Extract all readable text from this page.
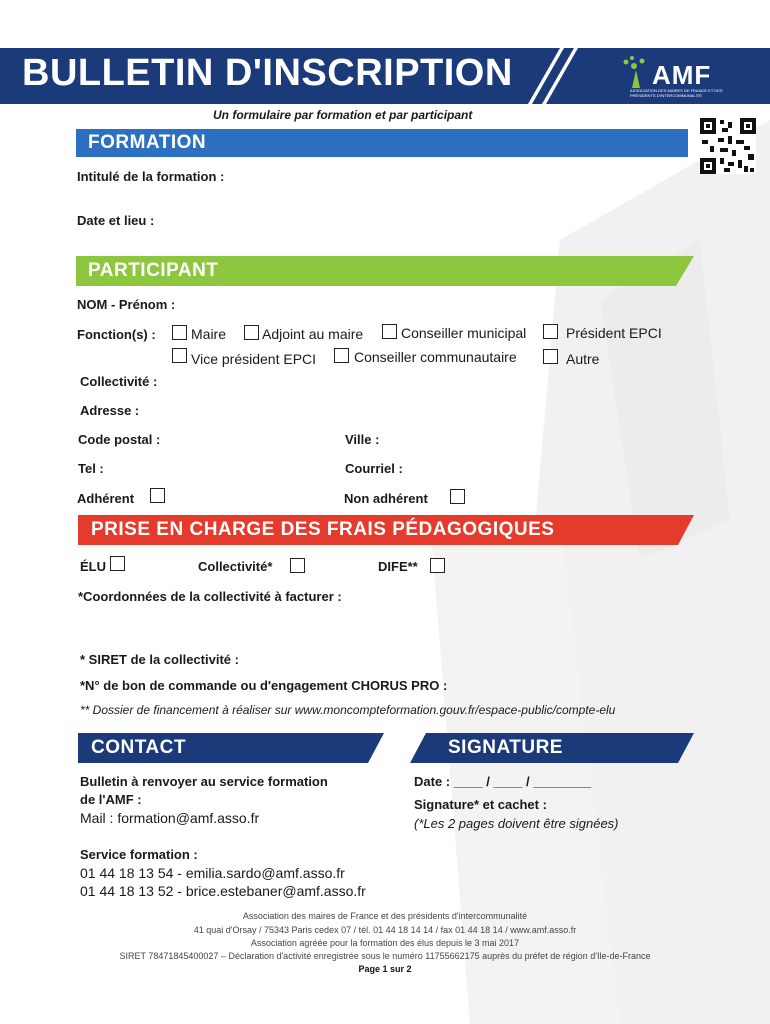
BULLETIN D'INSCRIPTION	AMF
ASSOCIATION DES MAIRES DE FRANCE ET DES PRÉSIDENTS D'INTERCOMMUNALITÉ
Un formulaire par formation et par participant
FORMATION
Intitulé de la formation :
Date et lieu :
PARTICIPANT
NOM - Prénom :
Fonction(s) :	Maire	Adjoint au maire	Conseiller municipal	Président EPCI
Vice président EPCI	Conseiller communautaire	Autre
Collectivité :
Adresse :
Code postal :	Ville :
Tel :	Courriel :
Adhérent	Non adhérent
PRISE EN CHARGE DES FRAIS PÉDAGOGIQUES
ÉLU	Collectivité*	DIFE**
*Coordonnées de la collectivité à facturer :
* SIRET de la collectivité :
*N° de bon de commande ou d'engagement CHORUS PRO :
** Dossier de financement à réaliser sur www.moncompteformation.gouv.fr/espace-public/compte-elu
CONTACT	SIGNATURE
Bulletin à renvoyer au service formation
de l'AMF :
Mail : formation@amf.asso.fr
Date : ____ / ____ / ________
Signature* et cachet :
(*Les 2 pages doivent être signées)
Service formation :
01 44 18 13 54 - emilia.sardo@amf.asso.fr
01 44 18 13 52 - brice.estebaner@amf.asso.fr
Association des maires de France et des présidents d'intercommunalité
41 quai d'Orsay / 75343 Paris cedex 07 / tél. 01 44 18 14 14 / fax 01 44 18 14 / www.amf.asso.fr
Association agréée pour la formation des élus depuis le 3 mai 2017
SIRET 78471845400027 – Déclaration d'activité enregistrée sous le numéro 11755662175 auprès du préfet de région d'Ile-de-France
Page 1 sur 2
